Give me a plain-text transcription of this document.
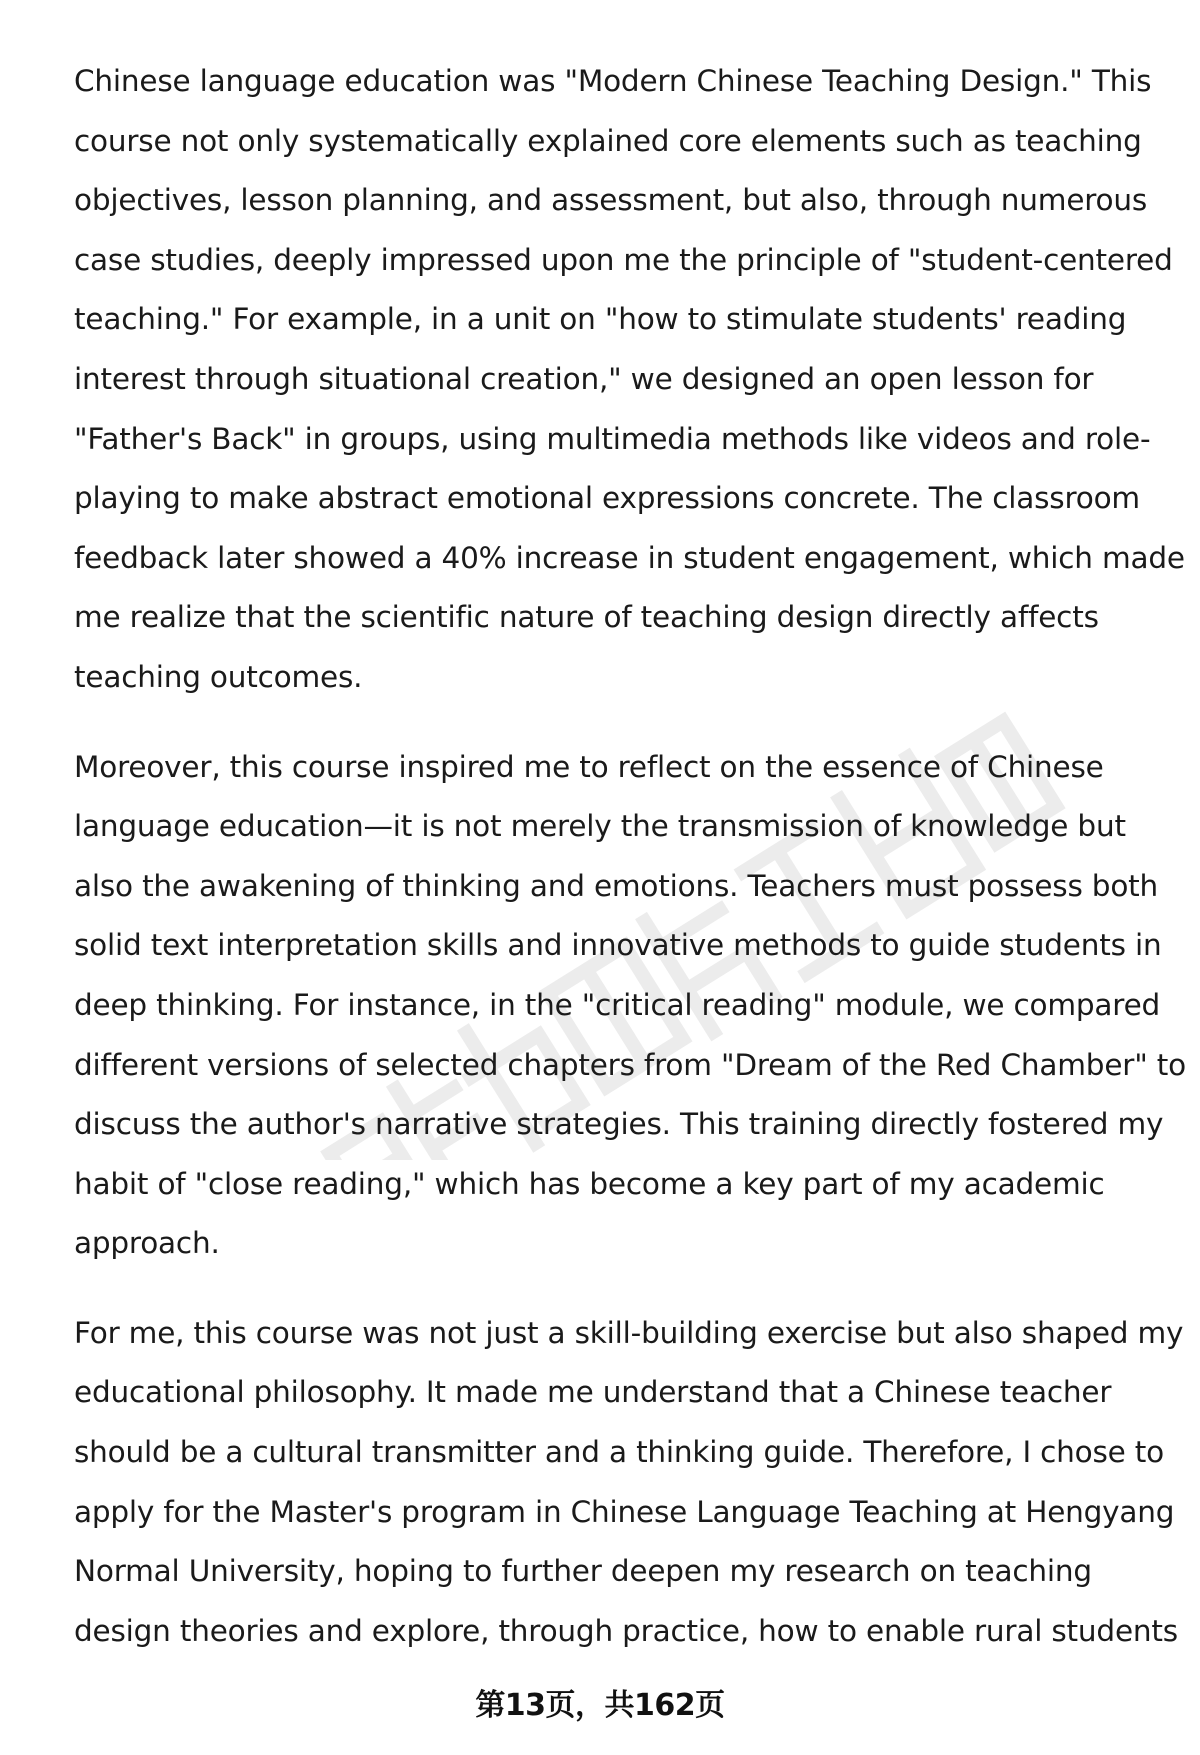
Chinese language education was "Modern Chinese Teaching Design." This
course not only systematically explained core elements such as teaching
objectives, lesson planning, and assessment, but also, through numerous
case studies, deeply impressed upon me the principle of "student-centered
teaching." For example, in a unit on "how to stimulate students' reading
interest through situational creation," we designed an open lesson for
"Father's Back" in groups, using multimedia methods like videos and role-
playing to make abstract emotional expressions concrete. The classroom
feedback later showed a 40% increase in student engagement, which made
me realize that the scientific nature of teaching design directly affects
teaching outcomes.
Moreover, this course inspired me to reflect on the essence of Chinese
language education—it is not merely the transmission of knowledge but
also the awakening of thinking and emotions. Teachers must possess both
solid text interpretation skills and innovative methods to guide students in
deep thinking. For instance, in the "critical reading" module, we compared
different versions of selected chapters from "Dream of the Red Chamber" to
discuss the author's narrative strategies. This training directly fostered my
habit of "close reading," which has become a key part of my academic
approach.
For me, this course was not just a skill-building exercise but also shaped my
educational philosophy. It made me understand that a Chinese teacher
should be a cultural transmitter and a thinking guide. Therefore, I chose to
apply for the Master's program in Chinese Language Teaching at Hengyang
Normal University, hoping to further deepen my research on teaching
design theories and explore, through practice, how to enable rural students
第13页，共162页
